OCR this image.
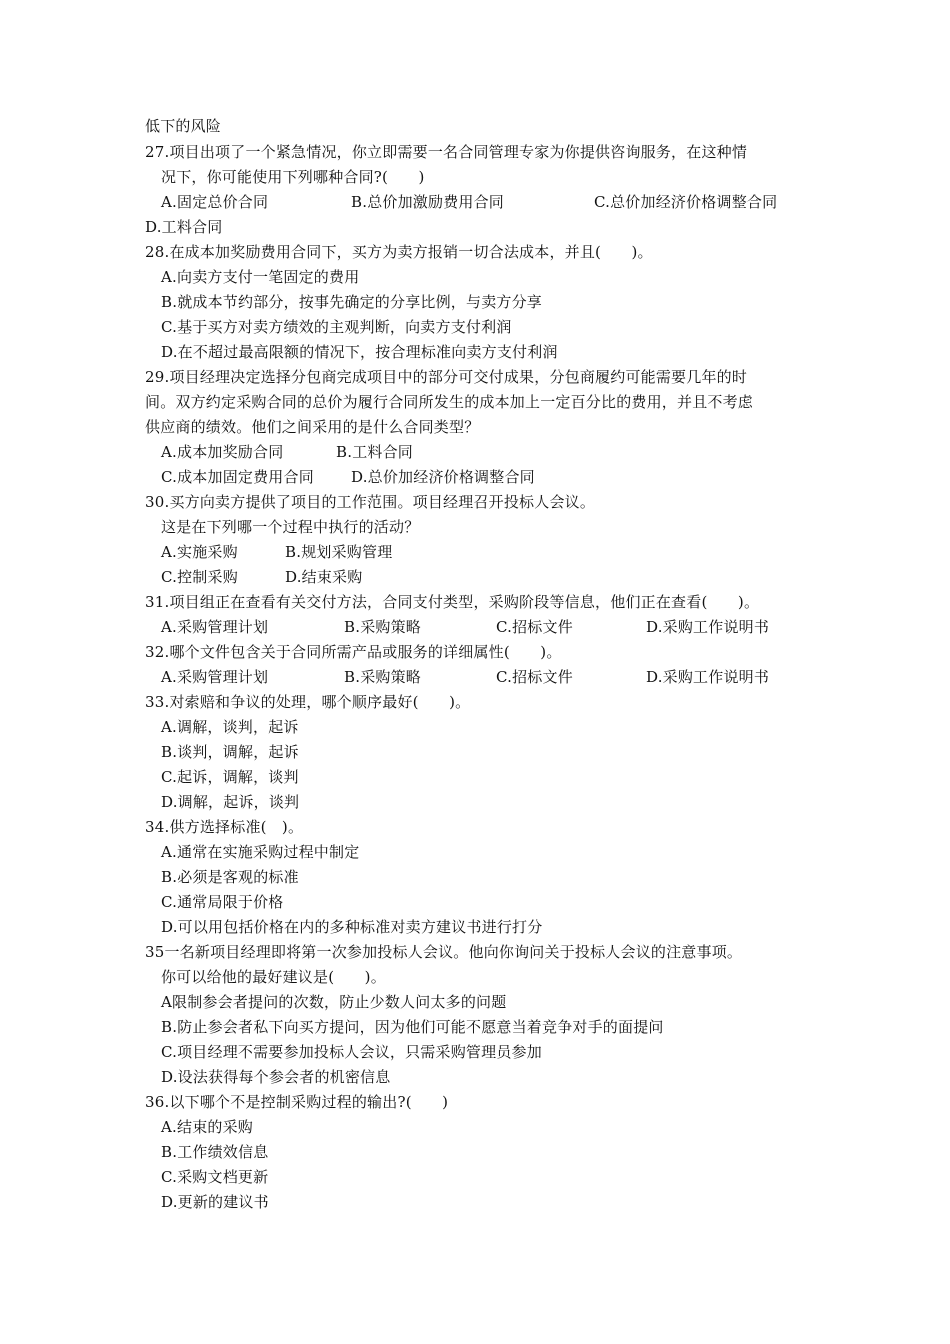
低下的风险
27.项目出项了一个紧急情况，你立即需要一名合同管理专家为你提供咨询服务，在这种情
况下，你可能使用下列哪种合同?(　　)
A.固定总价合同	B.总价加激励费用合同	C.总价加经济价格调整合同
D.工料合同
28.在成本加奖励费用合同下，买方为卖方报销一切合法成本，并且(　　)。
A.向卖方支付一笔固定的费用
B.就成本节约部分，按事先确定的分享比例，与卖方分享
C.基于买方对卖方绩效的主观判断，向卖方支付利润
D.在不超过最高限额的情况下，按合理标准向卖方支付利润
29.项目经理决定选择分包商完成项目中的部分可交付成果，分包商履约可能需要几年的时
间。双方约定采购合同的总价为履行合同所发生的成本加上一定百分比的费用，并且不考虑
供应商的绩效。他们之间采用的是什么合同类型？
A.成本加奖励合同	B.工料合同
C.成本加固定费用合同 D.总价加经济价格调整合同
30.买方向卖方提供了项目的工作范围。项目经理召开投标人会议。
这是在下列哪一个过程中执行的活动？
A.实施采购	B.规划采购管理
C.控制采购	D.结束采购
31.项目组正在查看有关交付方法，合同支付类型，采购阶段等信息，他们正在查看(　　)。
A.采购管理计划	B.采购策略	C.招标文件	D.采购工作说明书
32.哪个文件包含关于合同所需产品或服务的详细属性(　　)。
A.采购管理计划	B.采购策略	C.招标文件	D.采购工作说明书
33.对索赔和争议的处理，哪个顺序最好(　　)。
A.调解，谈判，起诉
B.谈判，调解，起诉
C.起诉，调解，谈判
D.调解，起诉，谈判
34.供方选择标准(　)。
A.通常在实施采购过程中制定
B.必须是客观的标准
C.通常局限于价格
D.可以用包括价格在内的多种标准对卖方建议书进行打分
35一名新项目经理即将第一次参加投标人会议。他向你询问关于投标人会议的注意事项。
你可以给他的最好建议是(　　)。
A限制参会者提问的次数，防止少数人问太多的问题
B.防止参会者私下向买方提问，因为他们可能不愿意当着竞争对手的面提问
C.项目经理不需要参加投标人会议，只需采购管理员参加
D.设法获得每个参会者的机密信息
36.以下哪个不是控制采购过程的输出?(　　)
A.结束的采购
B.工作绩效信息
C.采购文档更新
D.更新的建议书
